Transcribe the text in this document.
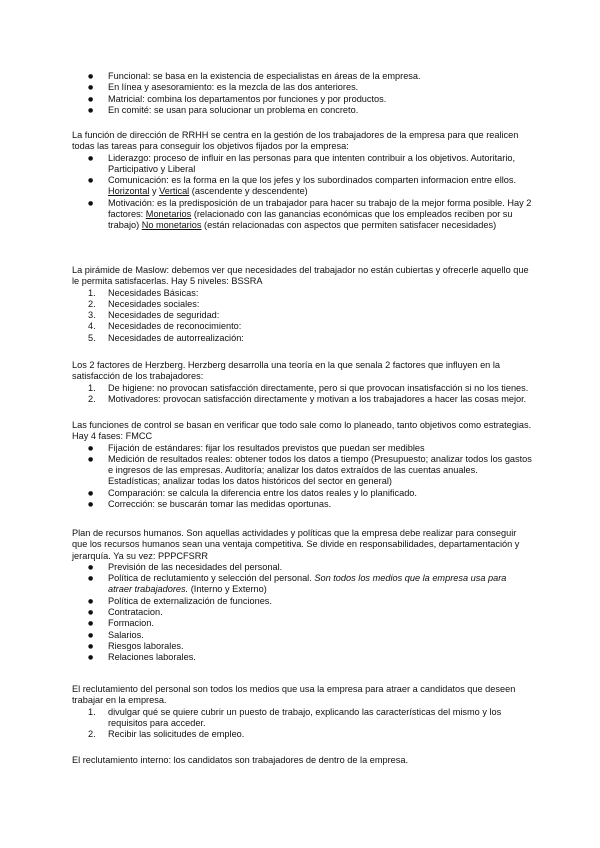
● Funcional: se basa en la existencia de especialistas en áreas de la empresa.
● En línea y asesoramiento: es la mezcla de las dos anteriores.
● Matricial: combina los departamentos por funciones y por productos.
● En comité: se usan para solucionar un problema en concreto.

La función de dirección de RRHH se centra en la gestión de los trabajadores de la empresa para que realicen todas las tareas para conseguir los objetivos fijados por la empresa:

● Liderazgo: proceso de influir en las personas para que intenten contribuir a los objetivos. Autoritario, Participativo y Liberal
● Comunicación: es la forma en la que los jefes y los subordinados comparten informacion entre ellos. Horizontal y Vertical (ascendente y descendente)
● Motivación: es la predisposición de un trabajador para hacer su trabajo de la mejor forma posible. Hay 2 factores: Monetarios (relacionado con las ganancias económicas que los empleados reciben por su trabajo) No monetarios (están relacionadas con aspectos que permiten satisfacer necesidades)

La pirámide de Maslow: debemos ver que necesidades del trabajador no están cubiertas y ofrecerle aquello que le permita satisfacerlas. Hay 5 niveles: BSSRA

1. Necesidades Básicas:
2. Necesidades sociales:
3. Necesidades de seguridad:
4. Necesidades de reconocimiento:
5. Necesidades de autorrealización:

Los 2 factores de Herzberg. Herzberg desarrolla una teoría en la que senala 2 factores que influyen en la satisfacción de los trabajadores:

1. De higiene: no provocan satisfacción directamente, pero si que provocan insatisfacción si no los tienes.
2. Motivadores: provocan satisfacción directamente y motivan a los trabajadores a hacer las cosas mejor.

Las funciones de control se basan en verificar que todo sale como lo planeado, tanto objetivos como estrategias. Hay 4 fases: FMCC

● Fijación de estándares: fijar los resultados previstos que puedan ser medibles
● Medición de resultados reales: obtener todos los datos a tiempo (Presupuesto; analizar todos los gastos e ingresos de las empresas. Auditoría; analizar los datos extraídos de las cuentas anuales. Estadísticas; analizar todas los datos históricos del sector en general)
● Comparación: se calcula la diferencia entre los datos reales y lo planificado.
● Corrección: se buscarán tomar las medidas oportunas.

Plan de recursos humanos. Son aquellas actividades y políticas que la empresa debe realizar para conseguir que los recursos humanos sean una ventaja competitiva. Se divide en responsabilidades, departamentación y jerarquía. Ya su vez: PPPCFSRR

● Previsión de las necesidades del personal.
● Política de reclutamiento y selección del personal. Son todos los medios que la empresa usa para atraer trabajadores. (Interno y Externo)
● Política de externalización de funciones.
● Contratacion.
● Formacion.
● Salarios.
● Riesgos laborales.
● Relaciones laborales.

El reclutamiento del personal son todos los medios que usa la empresa para atraer a candidatos que deseen trabajar en la empresa.

1. divulgar qué se quiere cubrir un puesto de trabajo, explicando las características del mismo y los requisitos para acceder.
2. Recibir las solicitudes de empleo.

El reclutamiento interno: los candidatos son trabajadores de dentro de la empresa.
